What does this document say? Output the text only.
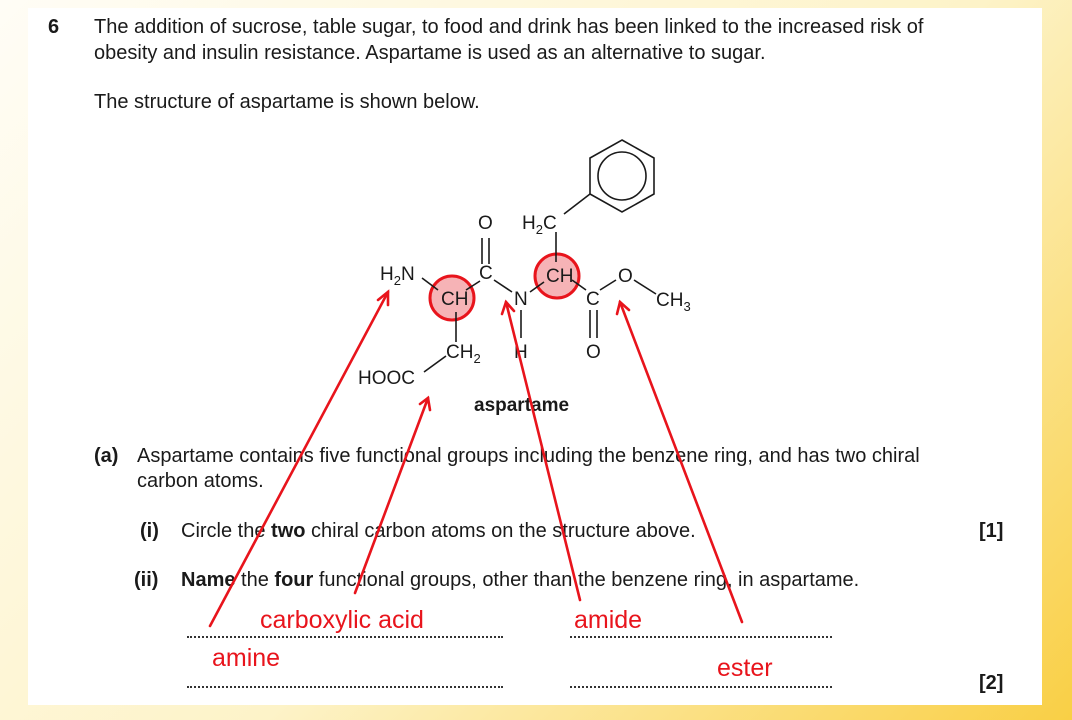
6 The addition of sucrose, table sugar, to food and drink has been linked to the increased risk of
obesity and insulin resistance. Aspartame is used as an alternative to sugar.
The structure of aspartame is shown below.
aspartame
(a) Aspartame contains five functional groups including the benzene ring, and has two chiral
carbon atoms.
(i) Circle the two chiral carbon atoms on the structure above.	[1]
(ii) Name the four functional groups, other than the benzene ring, in aspartame.
[2]
$H_2N$
CH
C
O $H_2C$
N
H
CH
C
O
$CH_3$
O
$CH_2$
HOOC
carboxylic acid	amide
amine	ester
